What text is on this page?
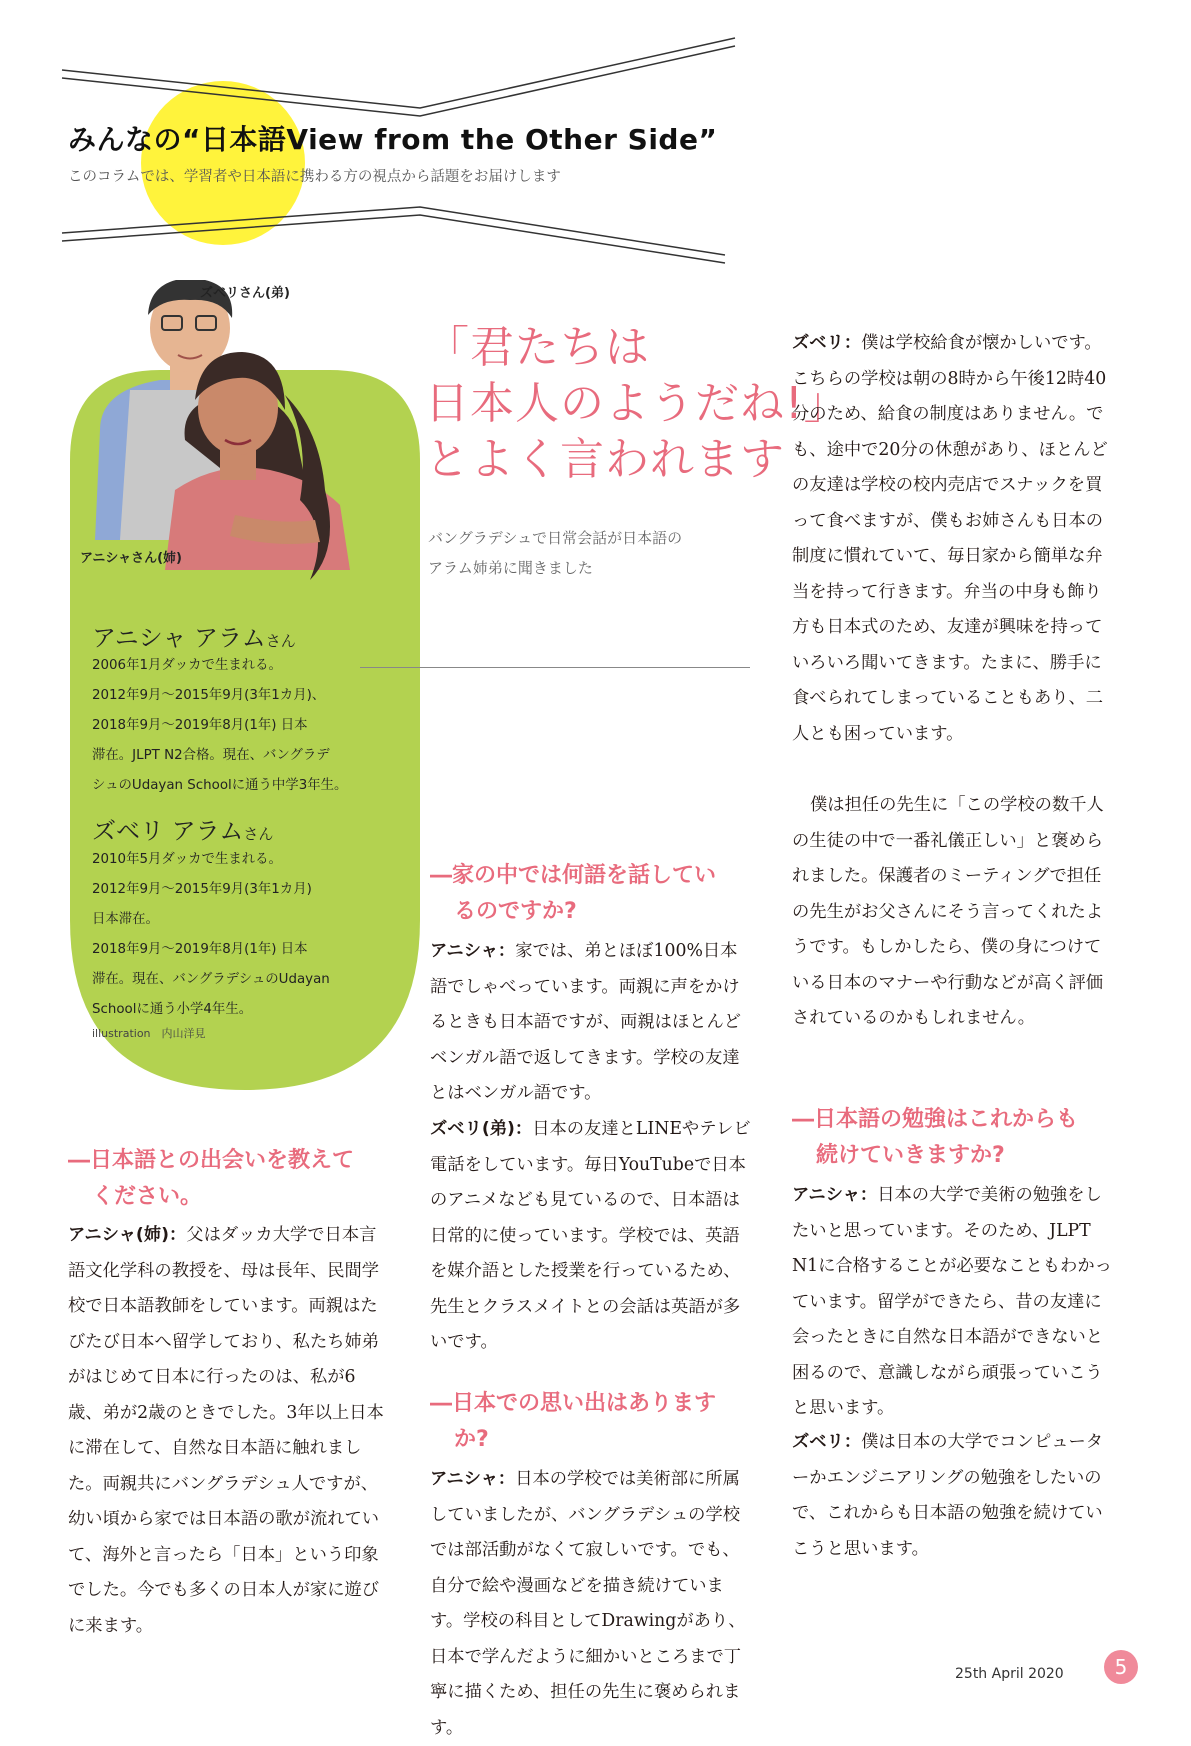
みんなの“日本語View from the Other Side”
このコラムでは、学習者や日本語に携わる方の視点から話題をお届けします
ズベリさん(弟)
アニシャさん(姉)
アニシャ アラムさん
2006年1月ダッカで生まれる。
2012年9月～2015年9月(3年1カ月)、
2018年9月～2019年8月(1年) 日本
滞在。JLPT N2合格。現在、バングラデ
シュのUdayan Schoolに通う中学3年生。
ズベリ アラムさん
2010年5月ダッカで生まれる。
2012年9月～2015年9月(3年1カ月)
日本滞在。
2018年9月～2019年8月(1年) 日本
滞在。現在、バングラデシュのUdayan
Schoolに通う小学4年生。
illustration　内山洋見
「君たちは
日本人のようだね!」
とよく言われます
バングラデシュで日常会話が日本語の
アラム姉弟に聞きました
―日本語との出会いを教えて
ください。
アニシャ(姉)：父はダッカ大学で日本言語文化学科の教授を、母は長年、民間学校で日本語教師をしています。両親はたびたび日本へ留学しており、私たち姉弟がはじめて日本に行ったのは、私が6歳、弟が2歳のときでした。3年以上日本に滞在して、自然な日本語に触れました。両親共にバングラデシュ人ですが、幼い頃から家では日本語の歌が流れていて、海外と言ったら「日本」という印象でした。今でも多くの日本人が家に遊びに来ます。
―家の中では何語を話してい
るのですか?
アニシャ：家では、弟とほぼ100%日本語でしゃべっています。両親に声をかけるときも日本語ですが、両親はほとんどベンガル語で返してきます。学校の友達とはベンガル語です。
ズベリ(弟)：日本の友達とLINEやテレビ電話をしています。毎日YouTubeで日本のアニメなども見ているので、日本語は日常的に使っています。学校では、英語を媒介語とした授業を行っているため、先生とクラスメイトとの会話は英語が多いです。
―日本での思い出はあります
か?
アニシャ：日本の学校では美術部に所属していましたが、バングラデシュの学校では部活動がなくて寂しいです。でも、自分で絵や漫画などを描き続けています。学校の科目としてDrawingがあり、日本で学んだように細かいところまで丁寧に描くため、担任の先生に褒められます。
ズベリ：僕は学校給食が懐かしいです。こちらの学校は朝の8時から午後12時40分のため、給食の制度はありません。でも、途中で20分の休憩があり、ほとんどの友達は学校の校内売店でスナックを買って食べますが、僕もお姉さんも日本の制度に慣れていて、毎日家から簡単な弁当を持って行きます。弁当の中身も飾り方も日本式のため、友達が興味を持っていろいろ聞いてきます。たまに、勝手に食べられてしまっていることもあり、二人とも困っています。
僕は担任の先生に「この学校の数千人の生徒の中で一番礼儀正しい」と褒められました。保護者のミーティングで担任の先生がお父さんにそう言ってくれたようです。もしかしたら、僕の身につけている日本のマナーや行動などが高く評価されているのかもしれません。
―日本語の勉強はこれからも
続けていきますか?
アニシャ：日本の大学で美術の勉強をしたいと思っています。そのため、JLPT N1に合格することが必要なこともわかっています。留学ができたら、昔の友達に会ったときに自然な日本語ができないと困るので、意識しながら頑張っていこうと思います。
ズベリ：僕は日本の大学でコンピューターかエンジニアリングの勉強をしたいので、これからも日本語の勉強を続けていこうと思います。
25th April 2020	5
